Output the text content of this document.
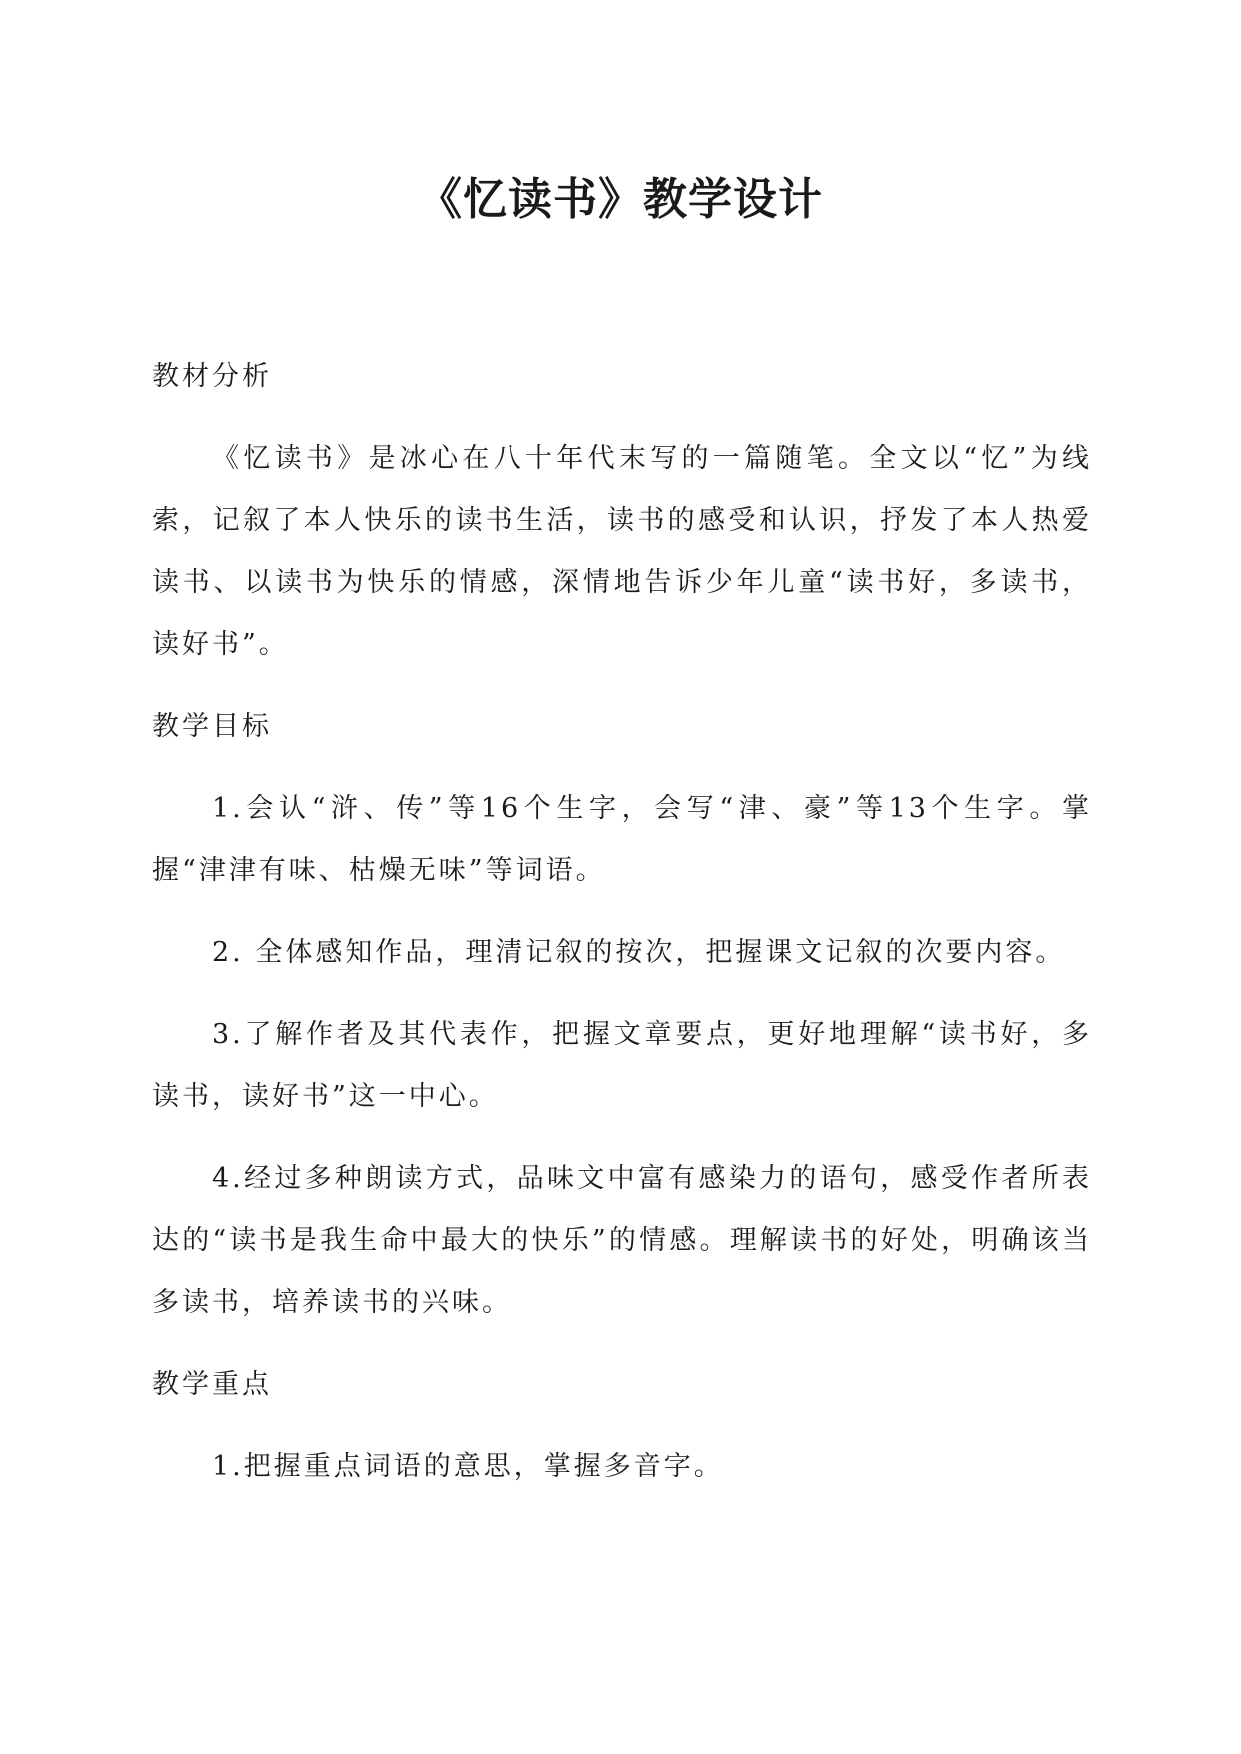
《忆读书》教学设计
教材分析

《忆读书》是冰心在八十年代末写的一篇随笔。全文以“忆”为线索，记叙了本人快乐的读书生活，读书的感受和认识，抒发了本人热爱读书、以读书为快乐的情感，深情地告诉少年儿童“读书好，多读书，读好书”。

教学目标

1.会认“浒、传”等16个生字，会写“津、豪”等13个生字。掌握“津津有味、枯燥无味”等词语。

2. 全体感知作品，理清记叙的按次，把握课文记叙的次要内容。

3.了解作者及其代表作，把握文章要点，更好地理解“读书好，多读书，读好书”这一中心。

4.经过多种朗读方式，品味文中富有感染力的语句，感受作者所表达的“读书是我生命中最大的快乐”的情感。理解读书的好处，明确该当多读书，培养读书的兴味。

教学重点

1.把握重点词语的意思，掌握多音字。
